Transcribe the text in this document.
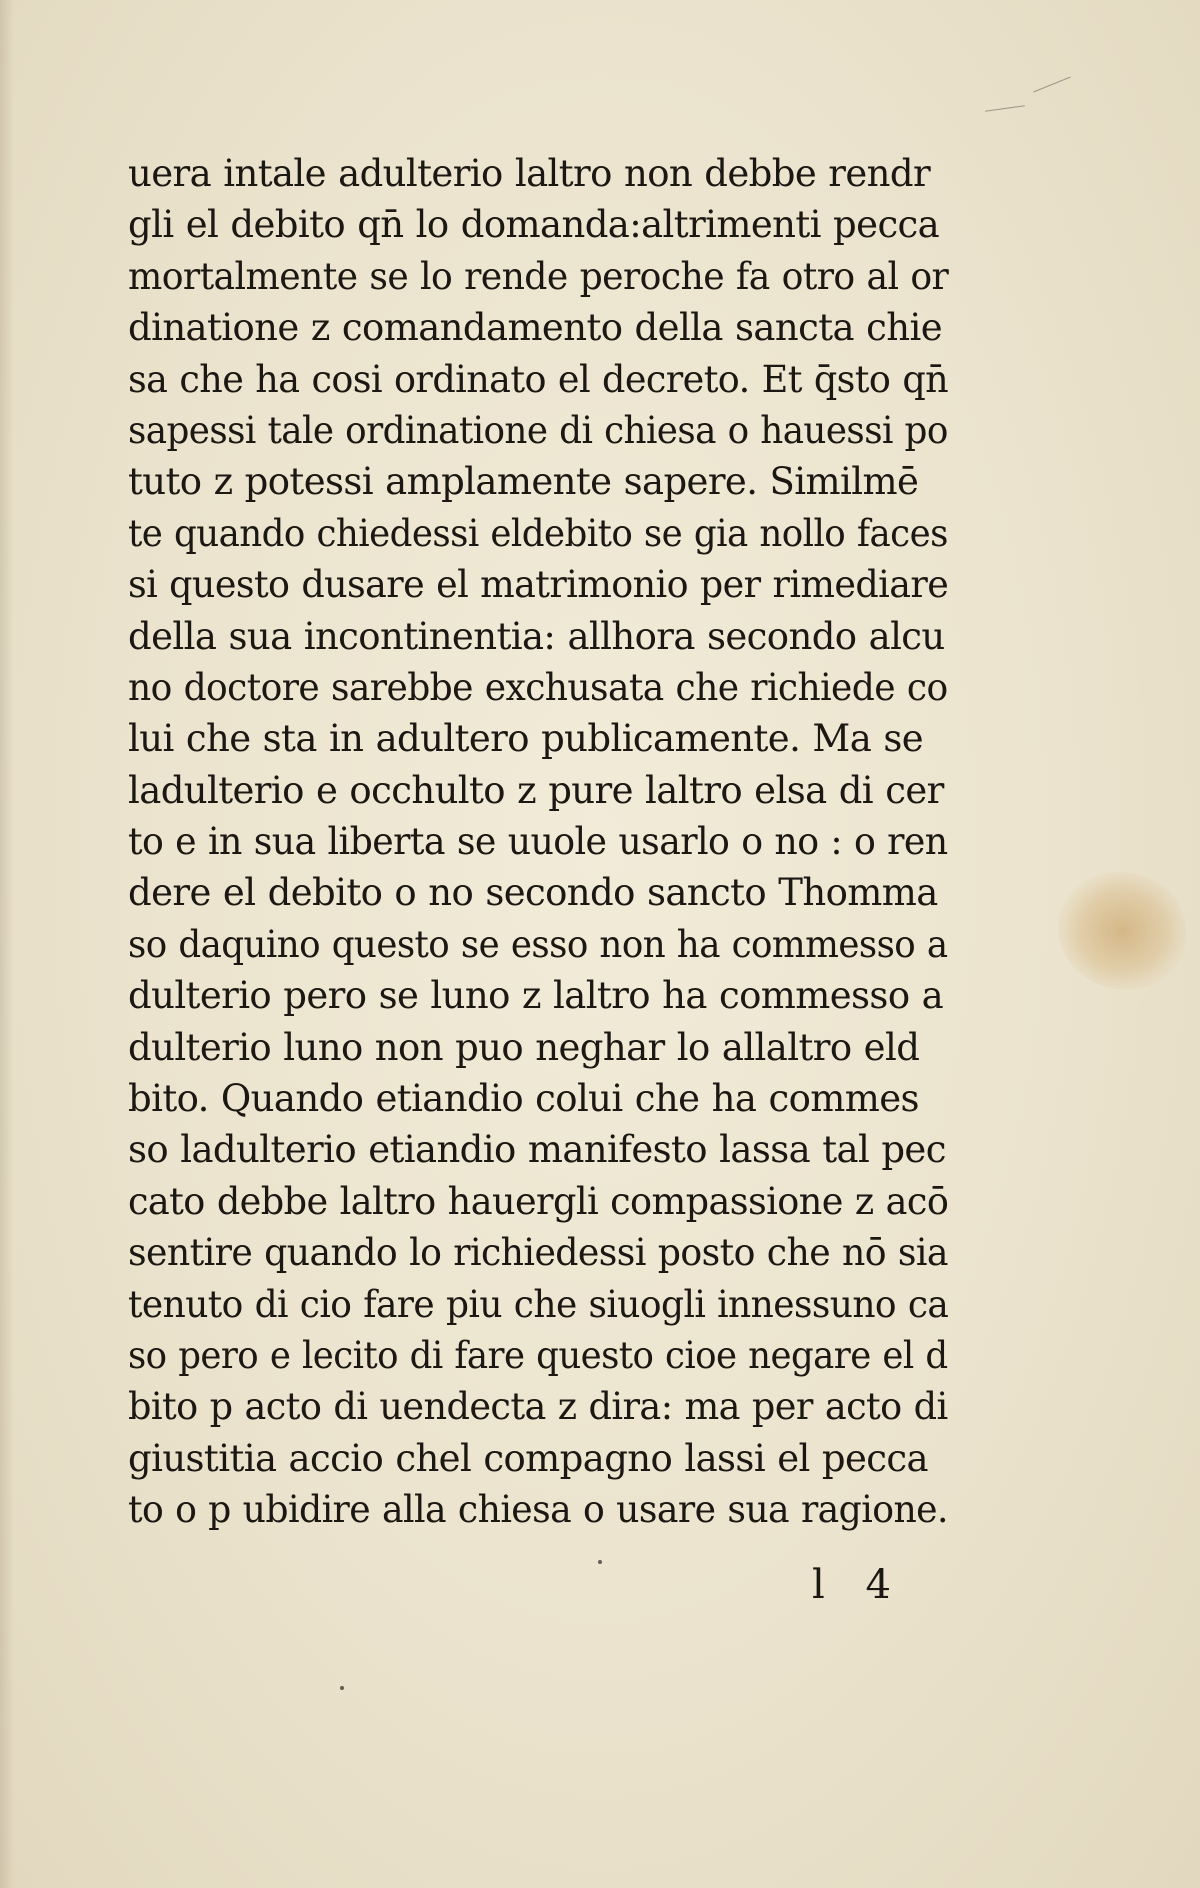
uera intale adulterio laltro non debbe rendr
gli el debito qn̄ lo domanda:altrimenti pecca
mortalmente se lo rende peroche fa otro al or
dinatione z comandamento della sancta chie
sa che ha cosi ordinato el decreto. Et q̄sto qn̄
sapessi tale ordinatione di chiesa o hauessi po
tuto z potessi amplamente sapere. Similmē
te quando chiedessi eldebito se gia nollo faces
si questo dusare el matrimonio per rimediare
della sua incontinentia: allhora secondo alcu
no doctore sarebbe exchusata che richiede co
lui che sta in adultero publicamente. Ma se
ladulterio e occhulto z pure laltro elsa di cer
to e in sua liberta se uuole usarlo o no : o ren
dere el debito o no secondo sancto Thomma
so daquino questo se esso non ha commesso a
dulterio pero se luno z laltro ha commesso a
dulterio luno non puo neghar lo allaltro eld
bito. Quando etiandio colui che ha commes
so ladulterio etiandio manifesto lassa tal pec
cato debbe laltro hauergli compassione z acō
sentire quando lo richiedessi posto che nō sia
tenuto di cio fare piu che siuogli innessuno ca
so pero e lecito di fare questo cioe negare el d
bito p acto di uendecta z dira: ma per acto di
giustitia accio chel compagno lassi el pecca
to o p ubidire alla chiesa o usare sua ragione.
l 4
